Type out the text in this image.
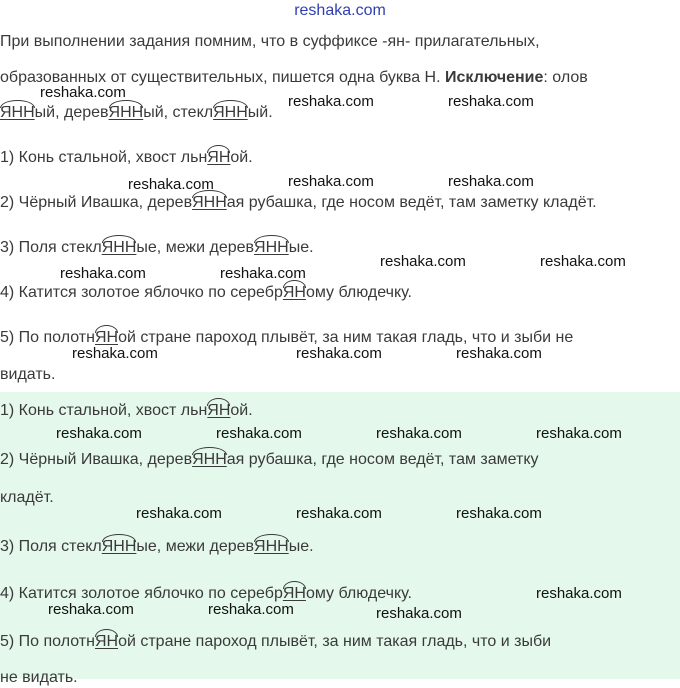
reshaka.com
При выполнении задания помним, что в суффиксе -ян- прилагательных,
образованных от существительных, пишется одна буква Н. Исключение: олов
ЯННый, деревЯННый, стеклЯННый.
1) Конь стальной, хвост льнЯНой.
2) Чёрный Ивашка, деревЯННая рубашка, где носом ведёт, там заметку кладёт.
3) Поля стеклЯННые, межи деревЯННые.
4) Катится золотое яблочко по серебрЯНому блюдечку.
5) По полотнЯНой стране пароход плывёт, за ним такая гладь, что и зыби не
видать.
1) Конь стальной, хвост льнЯНой.
2) Чёрный Ивашка, деревЯННая рубашка, где носом ведёт, там заметку
кладёт.
3) Поля стеклЯННые, межи деревЯННые.
4) Катится золотое яблочко по серебрЯНому блюдечку.
5) По полотнЯНой стране пароход плывёт, за ним такая гладь, что и зыби
не видать.
reshaka.com
reshaka.com	reshaka.com
reshaka.com	reshaka.com	reshaka.com
reshaka.com	reshaka.com
reshaka.com	reshaka.com
reshaka.com	reshaka.com	reshaka.com
reshaka.com	reshaka.com	reshaka.com	reshaka.com
reshaka.com	reshaka.com	reshaka.com
reshaka.com
reshaka.com	reshaka.com	reshaka.com
